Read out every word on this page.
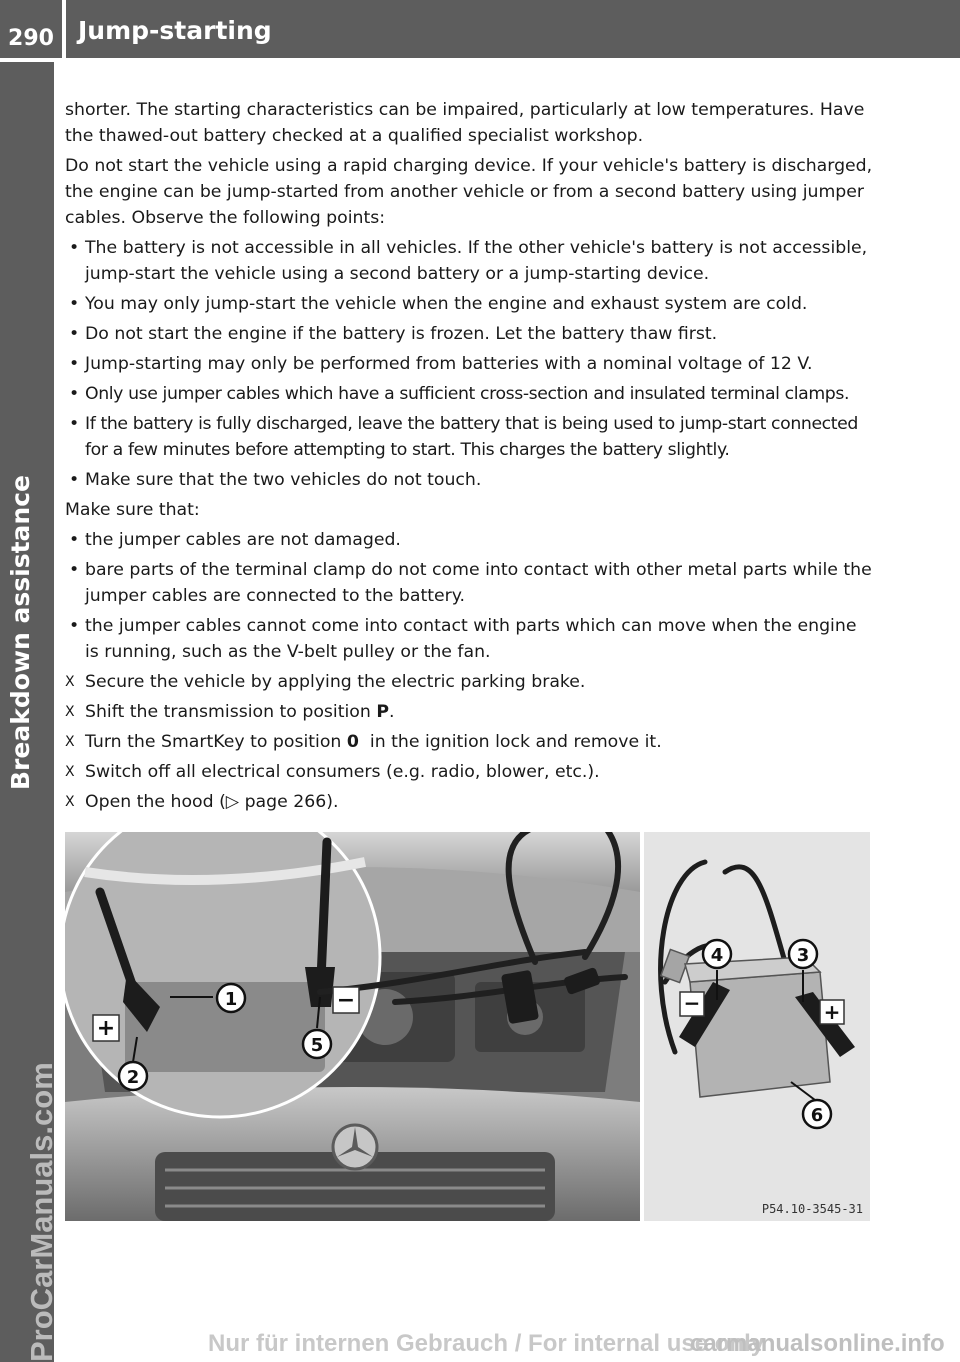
290 Jump-starting
Breakdown assistance
ProCarManuals.com

shorter. The starting characteristics can be impaired, particularly at low temperatures. Have the thawed-out battery checked at a qualified specialist workshop.

Do not start the vehicle using a rapid charging device. If your vehicle's battery is discharged, the engine can be jump-started from another vehicle or from a second battery using jumper cables. Observe the following points:

• The battery is not accessible in all vehicles. If the other vehicle's battery is not accessible, jump-start the vehicle using a second battery or a jump-starting device.
• You may only jump-start the vehicle when the engine and exhaust system are cold.
• Do not start the engine if the battery is frozen. Let the battery thaw first.
• Jump-starting may only be performed from batteries with a nominal voltage of 12 V.
• Only use jumper cables which have a sufficient cross-section and insulated terminal clamps.
• If the battery is fully discharged, leave the battery that is being used to jump-start connected for a few minutes before attempting to start. This charges the battery slightly.
• Make sure that the two vehicles do not touch.

Make sure that:

• the jumper cables are not damaged.
• bare parts of the terminal clamp do not come into contact with other metal parts while the jumper cables are connected to the battery.
• the jumper cables cannot come into contact with parts which can move when the engine is running, such as the V-belt pulley or the fan.
X Secure the vehicle by applying the electric parking brake.
X Shift the transmission to position P.
X Turn the SmartKey to position 0  in the ignition lock and remove it.
X Switch off all electrical consumers (e.g. radio, blower, etc.).
X Open the hood (▷ page 266).
+
−
1
2
5
−	+
4	3
6
P54.10-3545-31
Nur für internen Gebrauch / For internal use only
carmanualsonline.info
